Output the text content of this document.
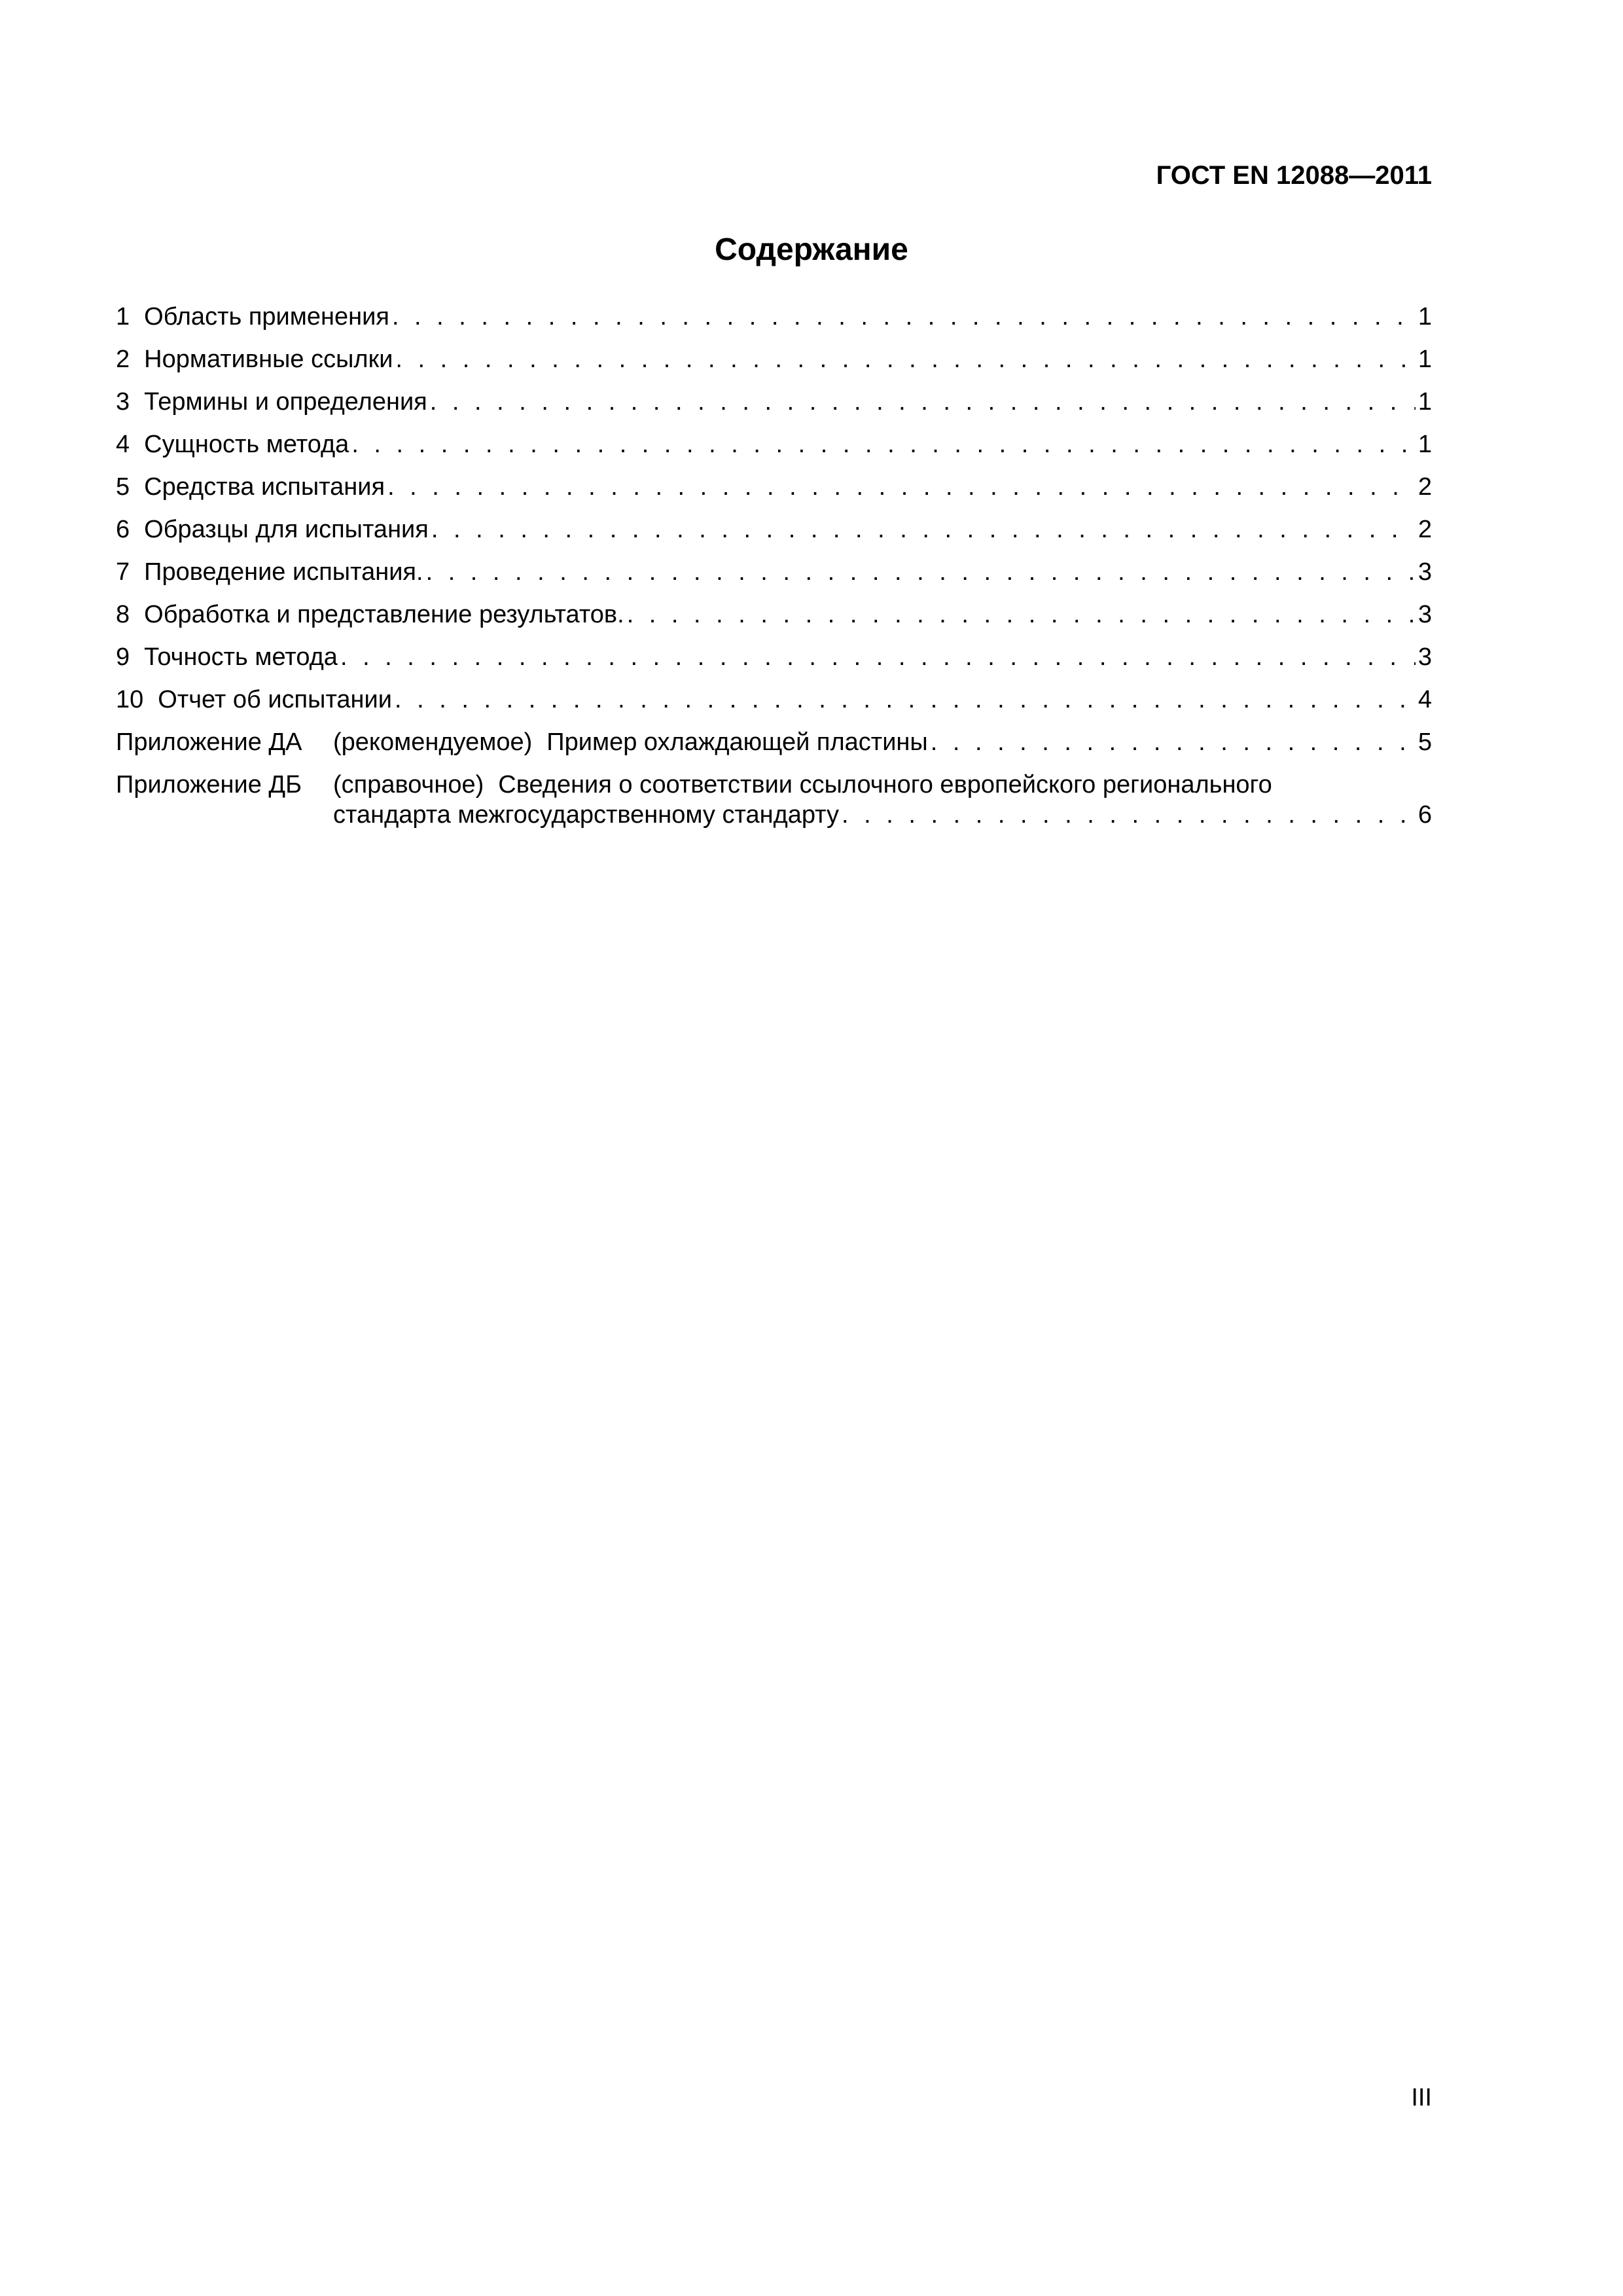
ГОСТ EN 12088—2011
Содержание
1 Область применения . . .	1
2 Нормативные ссылки . . .	1
3 Термины и определения . . .	1
4 Сущность метода . . .	1
5 Средства испытания . . .	2
6 Образцы для испытания . . .	2
7 Проведение испытания. . . .	3
8 Обработка и представление результатов. . . .	3
9 Точность метода . . .	3
10 Отчет об испытании . . .	4
Приложение ДА	(рекомендуемое) Пример охлаждающей пластины . . .	5
Приложение ДБ	(справочное) Сведения о соответствии ссылочного европейского регионального
стандарта межгосударственному стандарту . . .	6
III
